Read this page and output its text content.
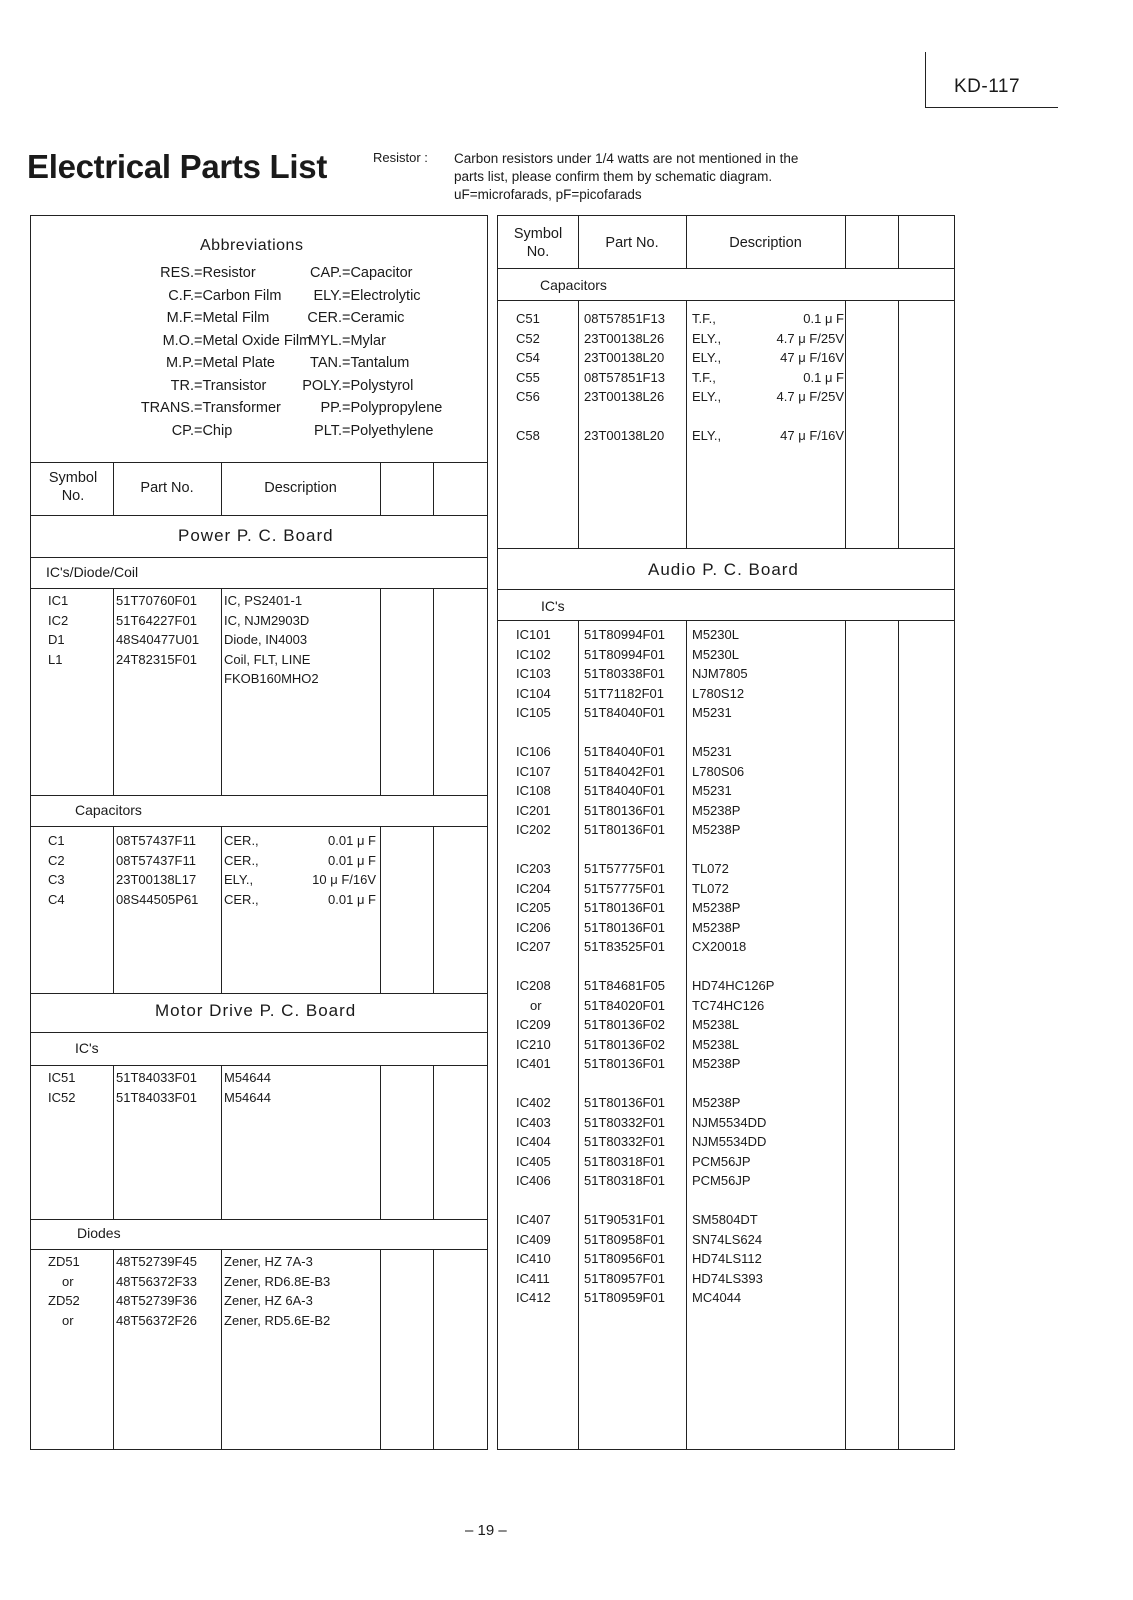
KD-117
Electrical Parts List	Resistor : Carbon resistors under 1/4 watts are not mentioned in the
parts list, please confirm them by schematic diagram.
uF=microfarads, pF=picofarads
Abbreviations
RES.=Resistor
C.F.=Carbon Film
M.F.=Metal Film
M.O.=Metal Oxide Film
M.P.=Metal Plate
TR.=Transistor
TRANS.=Transformer
CP.=Chip
CAP.=Capacitor
ELY.=Electrolytic
CER.=Ceramic
MYL.=Mylar
TAN.=Tantalum
POLY.=Polystyrol
PP.=Polypropylene
PLT.=Polyethylene
Symbol
No.	Part No.	Description
Power P. C. Board
IC's/Diode/Coil
IC1	51T70760F01 IC, PS2401-1
IC2	51T64227F01 IC, NJM2903D
D1	48S40477U01 Diode, IN4003
L1	24T82315F01 Coil, FLT, LINE
FKOB160MHO2
Capacitors
C1	08T57437F11 CER.,	0.01 μ F
C2	08T57437F11 CER.,	0.01 μ F
C3	23T00138L17 ELY.,	10 μ F/16V
C4	08S44505P61 CER.,	0.01 μ F
Motor Drive P. C. Board
IC's
IC51	51T84033F01 M54644
IC52	51T84033F01 M54644
Diodes
ZD51	48T52739F45 Zener, HZ 7A-3
or	48T56372F33 Zener, RD6.8E-B3
ZD52	48T52739F36 Zener, HZ 6A-3
or	48T56372F26 Zener, RD5.6E-B2
Symbol
No.
Part No.	Description
Capacitors
C51	08T57851F13 T.F.,	0.1 μ F
C52	23T00138L26 ELY.,	4.7 μ F/25V
C54	23T00138L20 ELY.,	47 μ F/16V
C55	08T57851F13 T.F.,	0.1 μ F
C56	23T00138L26 ELY.,	4.7 μ F/25V
C58	23T00138L20 ELY.,	47 μ F/16V
Audio P. C. Board
IC's
IC101	51T80994F01 M5230L
IC102	51T80994F01 M5230L
IC103	51T80338F01 NJM7805
IC104	51T71182F01 L780S12
IC105	51T84040F01 M5231
IC106	51T84040F01 M5231
IC107	51T84042F01 L780S06
IC108	51T84040F01 M5231
IC201	51T80136F01 M5238P
IC202	51T80136F01 M5238P
IC203	51T57775F01 TL072
IC204	51T57775F01 TL072
IC205	51T80136F01 M5238P
IC206	51T80136F01 M5238P
IC207	51T83525F01 CX20018
IC208	51T84681F05 HD74HC126P
or	51T84020F01 TC74HC126
IC209	51T80136F02 M5238L
IC210	51T80136F02 M5238L
IC401	51T80136F01 M5238P
IC402	51T80136F01 M5238P
IC403	51T80332F01 NJM5534DD
IC404	51T80332F01 NJM5534DD
IC405	51T80318F01 PCM56JP
IC406	51T80318F01 PCM56JP
IC407	51T90531F01 SM5804DT
IC409	51T80958F01 SN74LS624
IC410	51T80956F01 HD74LS112
IC411	51T80957F01 HD74LS393
IC412	51T80959F01 MC4044
– 19 –
